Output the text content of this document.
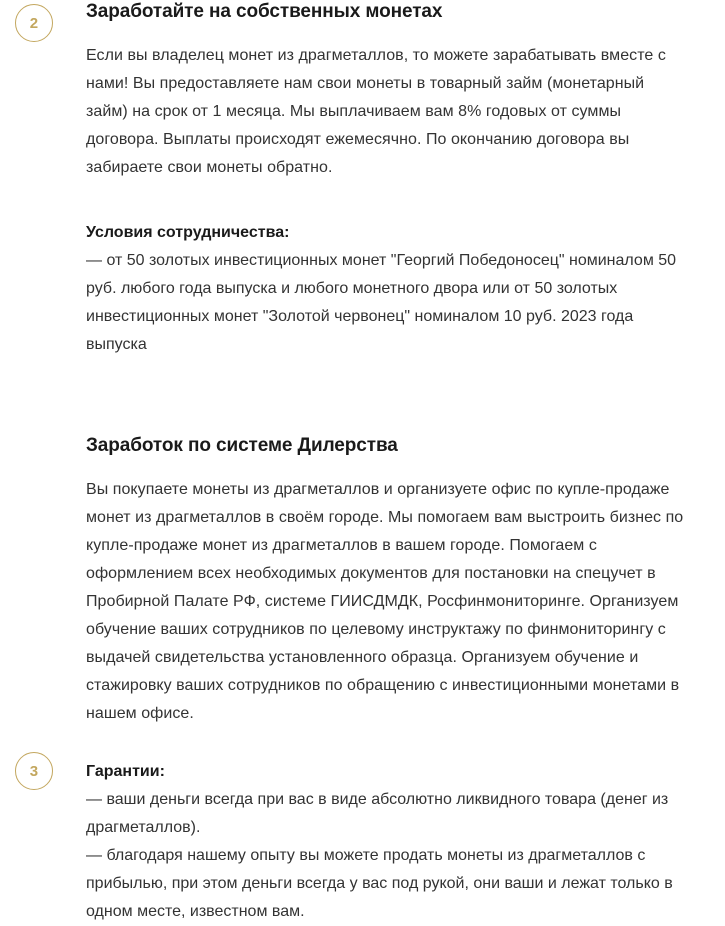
2
Заработайте на собственных монетах

Если вы владелец монет из драгметаллов, то можете зарабатывать вместе с нами! Вы предоставляете нам свои монеты в товарный займ (монетарный займ) на срок от 1 месяца. Мы выплачиваем вам 8% годовых от суммы договора. Выплаты происходят ежемесячно. По окончанию договора вы забираете свои монеты обратно.

Условия сотрудничества:
— от 50 золотых инвестиционных монет "Георгий Победоносец" номиналом 50 руб. любого года выпуска и любого монетного двора или от 50 золотых инвестиционных монет "Золотой червонец" номиналом 10 руб. 2023 года выпуска
3
Заработок по системе Дилерства

Вы покупаете монеты из драгметаллов и организуете офис по купле-продаже монет из драгметаллов в своём городе. Мы помогаем вам выстроить бизнес по купле-продаже монет из драгметаллов в вашем городе. Помогаем с оформлением всех необходимых документов для постановки на спецучет в Пробирной Палате РФ, системе ГИИСДМДК, Росфинмониторинге. Организуем обучение ваших сотрудников по целевому инструктажу по финмониторингу с выдачей свидетельства установленного образца. Организуем обучение и стажировку ваших сотрудников по обращению с инвестиционными монетами в нашем офисе.

Гарантии:
— ваши деньги всегда при вас в виде абсолютно ликвидного товара (денег из драгметаллов).
— благодаря нашему опыту вы можете продать монеты из драгметаллов с прибылью, при этом деньги всегда у вас под рукой, они ваши и лежат только в одном месте, известном вам.
